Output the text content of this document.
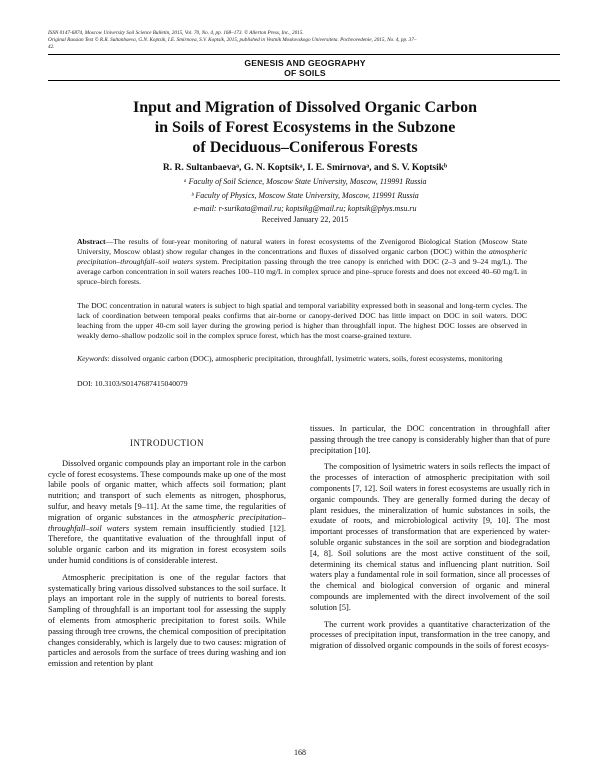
ISSN 0147-6874, Moscow University Soil Science Bulletin, 2015, Vol. 70, No. 4, pp. 168–173. © Allerton Press, Inc., 2015.
Original Russian Text © R.R. Sultanbaeva, G.N. Koptsik, I.E. Smirnova, S.V. Koptsik, 2015, published in Vestnik Moskovskogo Universiteta. Pochvovedenie, 2015, No. 4, pp. 37–
42.
GENESIS AND GEOGRAPHY
OF SOILS
Input and Migration of Dissolved Organic Carbon
in Soils of Forest Ecosystems in the Subzone
of Deciduous–Coniferous Forests
R. R. Sultanbaevaᵃ, G. N. Koptsikᵃ, I. E. Smirnovaᵃ, and S. V. Koptsikᵇ
ᵃ Faculty of Soil Science, Moscow State University, Moscow, 119991 Russia
ᵇ Faculty of Physics, Moscow State University, Moscow, 119991 Russia
e-mail: r-surikata@mail.ru; koptsikg@mail.ru; koptsik@phys.msu.ru
Received January 22, 2015
Abstract—The results of four-year monitoring of natural waters in forest ecosystems of the Zvenigorod Biological Station (Moscow State University, Moscow oblast) show regular changes in the concentrations and fluxes of dissolved organic carbon (DOC) within the atmospheric precipitation–throughfall–soil waters system. Precipitation passing through the tree canopy is enriched with DOC (2–3 and 9–24 mg/L). The average carbon concentration in soil waters reaches 100–110 mg/L in complex spruce and pine–spruce forests and does not exceed 40–60 mg/L in spruce–birch forests.
The DOC concentration in natural waters is subject to high spatial and temporal variability expressed both in seasonal and long-term cycles. The lack of coordination between temporal peaks confirms that air-borne or canopy-derived DOC has little impact on DOC in soil waters. DOC leaching from the upper 40-cm soil layer during the growing period is higher than throughfall input. The highest DOC losses are observed in weakly demo–shallow podzolic soil in the complex spruce forest, which has the most coarse-grained texture.
Keywords: dissolved organic carbon (DOC), atmospheric precipitation, throughfall, lysimetric waters, soils, forest ecosystems, monitoring
DOI: 10.3103/S0147687415040079
INTRODUCTION

Dissolved organic compounds play an important role in the carbon cycle of forest ecosystems. These compounds make up one of the most labile pools of organic matter, which affects soil formation; plant nutrition; and transport of such elements as nitrogen, phosphorus, sulfur, and heavy metals [9–11]. At the same time, the regularities of migration of organic substances in the atmospheric precipitation–throughfall–soil waters system remain insufficiently studied [12]. Therefore, the quantitative evaluation of the throughfall input of soluble organic carbon and its migration in forest ecosystem soils under humid conditions is of considerable interest.

Atmospheric precipitation is one of the regular factors that systematically bring various dissolved substances to the soil surface. It plays an important role in the supply of nutrients to boreal forests. Sampling of throughfall is an important tool for assessing the supply of elements from atmospheric precipitation to forest soils. While passing through tree crowns, the chemical composition of precipitation changes considerably, which is largely due to two causes: migration of particles and aerosols from the surface of trees during washing and ion emission and retention by plant

tissues. In particular, the DOC concentration in throughfall after passing through the tree canopy is considerably higher than that of pure precipitation [10].

The composition of lysimetric waters in soils reflects the impact of the processes of interaction of atmospheric precipitation with soil components [7, 12]. Soil waters in forest ecosystems are usually rich in organic compounds. They are generally formed during the decay of plant residues, the mineralization of humic substances in soils, the exudate of roots, and microbiological activity [9, 10]. The most important processes of transformation that are experienced by water-soluble organic substances in the soil are sorption and biodegradation [4, 8]. Soil solutions are the most active constituent of the soil, determining its chemical status and influencing plant nutrition. Soil waters play a fundamental role in soil formation, since all processes of the chemical and biological conversion of organic and mineral compounds are implemented with the direct involvement of the soil solution [5].

The current work provides a quantitative characterization of the processes of precipitation input, transformation in the tree canopy, and migration of dissolved organic compounds in the soils of forest ecosys-

168
